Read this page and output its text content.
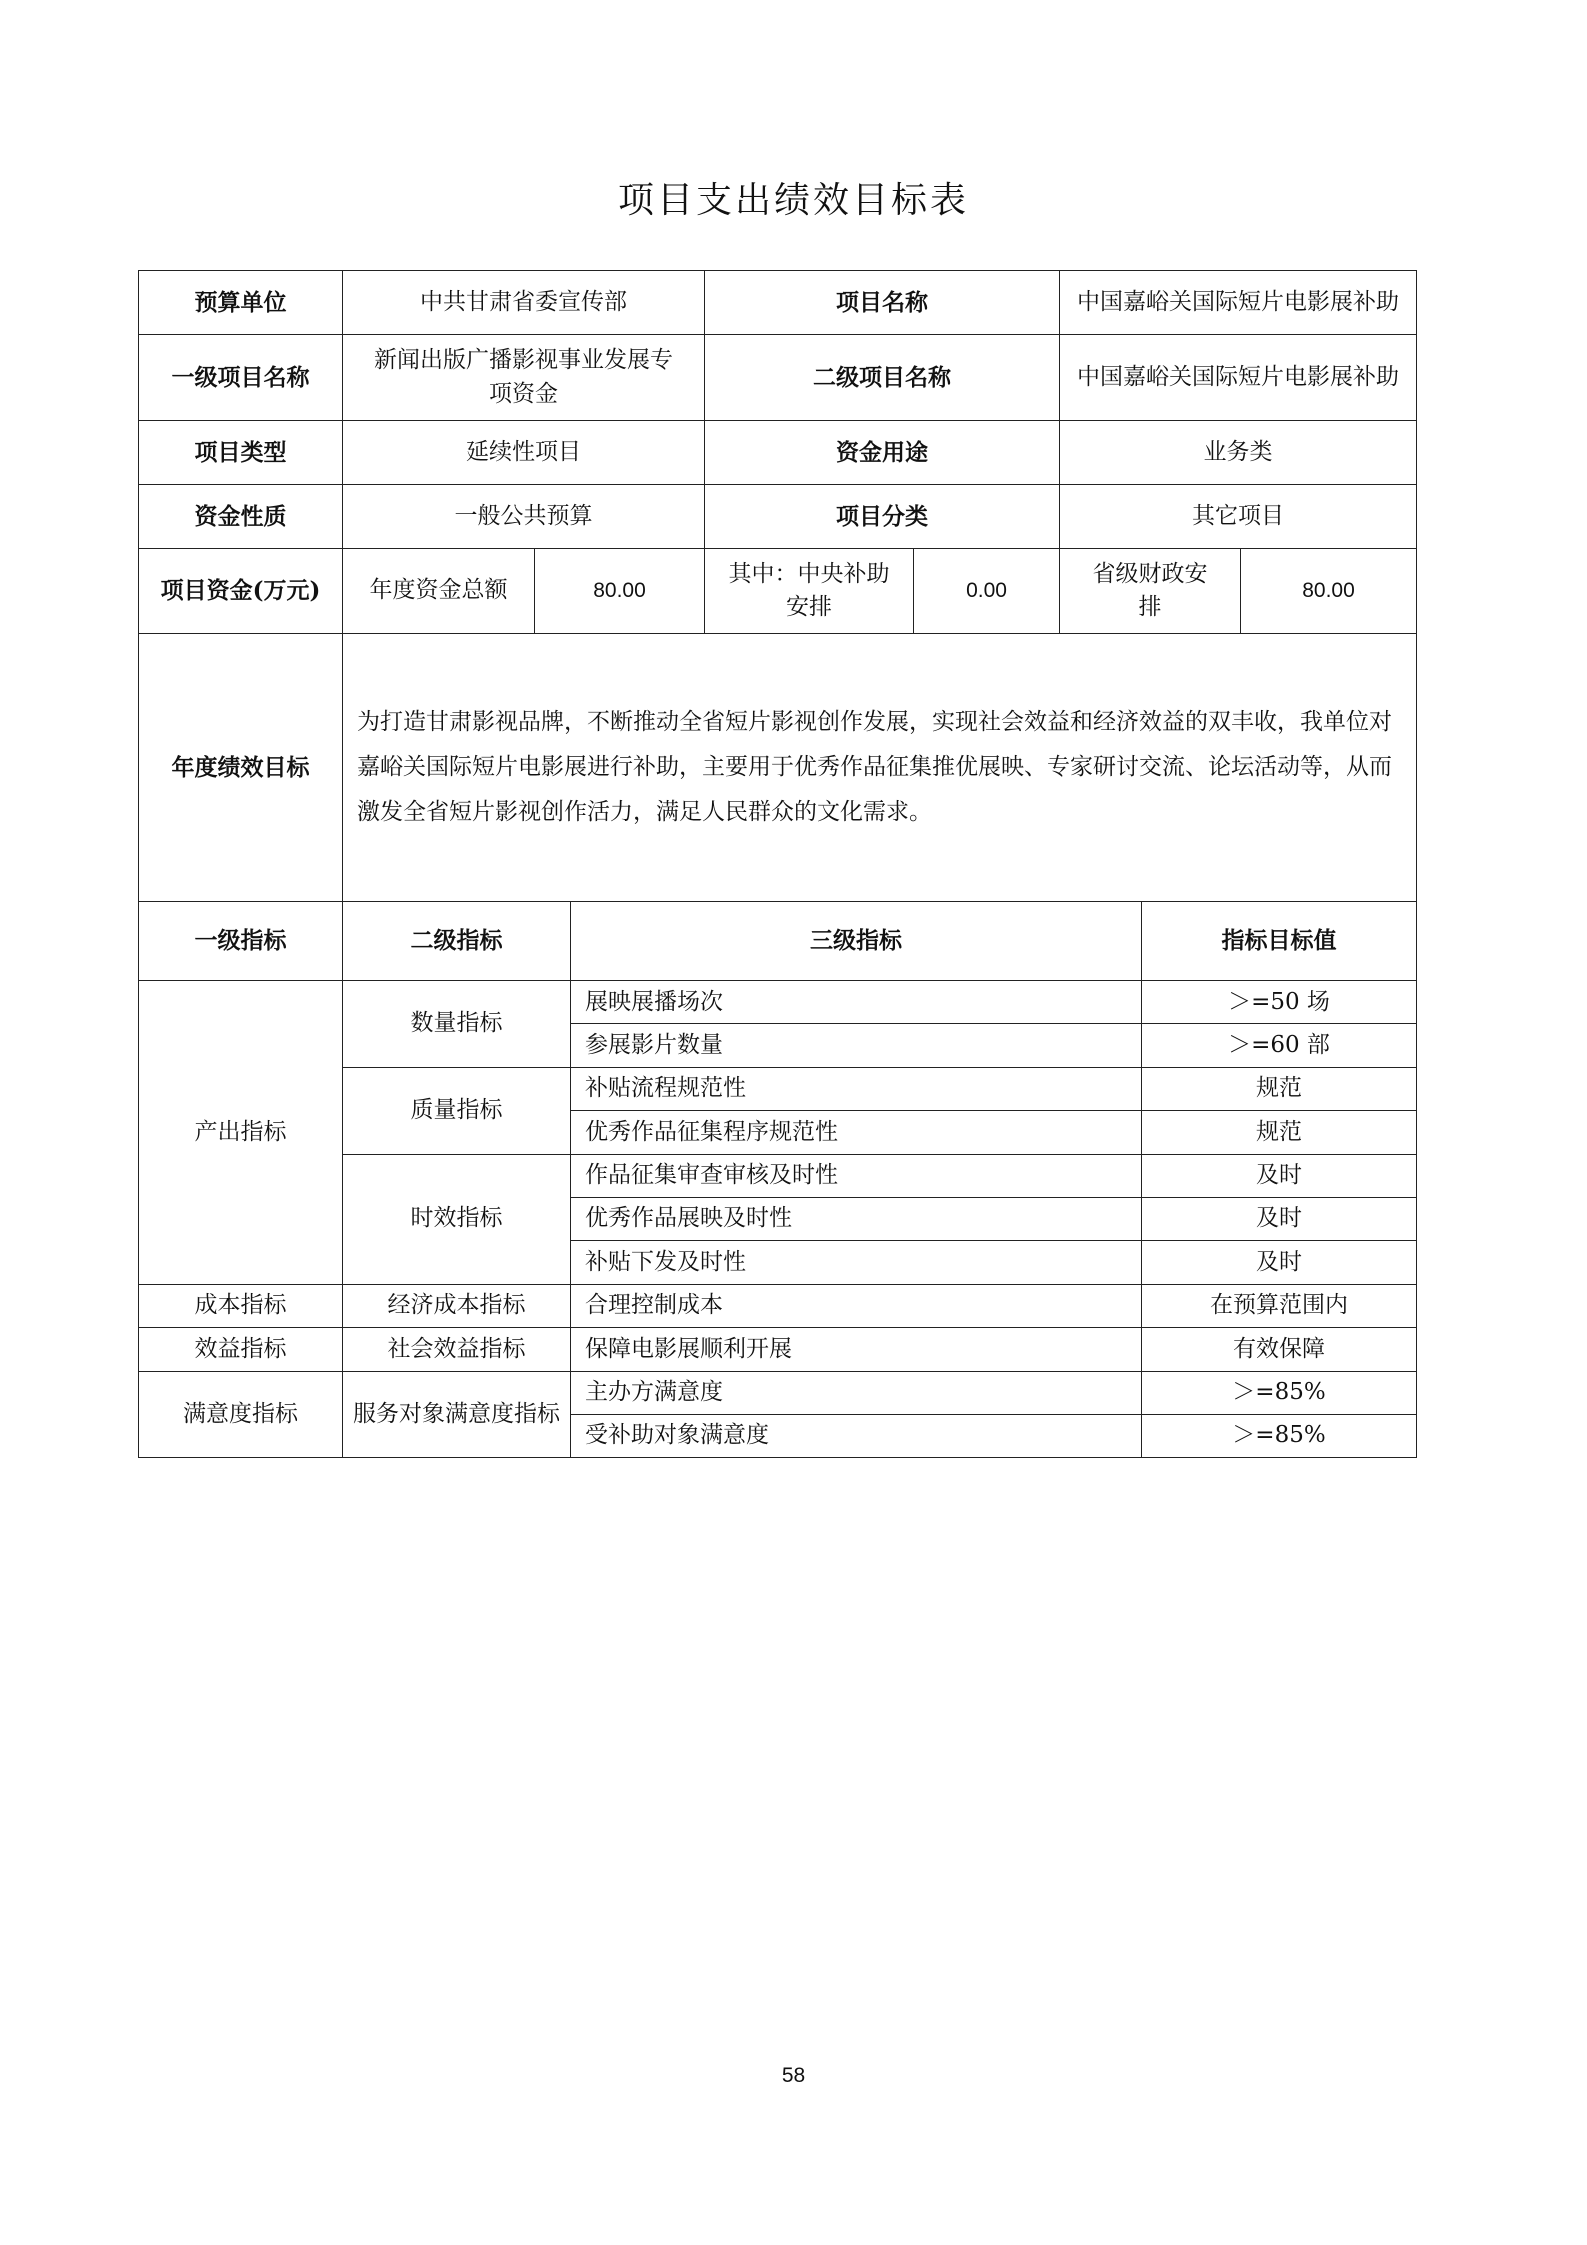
项目支出绩效目标表
预算单位	中共甘肃省委宣传部		项目名称		中国嘉峪关国际短片电影展补助	
一级项目名称	新闻出版广播影视事业发展专项资金		二级项目名称		中国嘉峪关国际短片电影展补助	
项目类型	延续性项目		资金用途		业务类	
资金性质	一般公共预算		项目分类		其它项目	
项目资金(万元)	年度资金总额	80.00	其中：中央补助安排	0.00	省级财政安排	80.00
年度绩效目标	为打造甘肃影视品牌，不断推动全省短片影视创作发展，实现社会效益和经济效益的双丰收，我单位对嘉峪关国际短片电影展进行补助，主要用于优秀作品征集推优展映、专家研讨交流、论坛活动等，从而激发全省短片影视创作活力，满足人民群众的文化需求。					
一级指标	二级指标	三级指标	指标目标值
产出指标	数量指标	展映展播场次	＞=50 场
		参展影片数量	＞=60 部
	质量指标	补贴流程规范性	规范
		优秀作品征集程序规范性	规范
	时效指标	作品征集审查审核及时性	及时
		优秀作品展映及时性	及时
		补贴下发及时性	及时
成本指标	经济成本指标	合理控制成本	在预算范围内
效益指标	社会效益指标	保障电影展顺利开展	有效保障
满意度指标	服务对象满意度指标	主办方满意度	＞=85%
		受补助对象满意度	＞=85%
58
